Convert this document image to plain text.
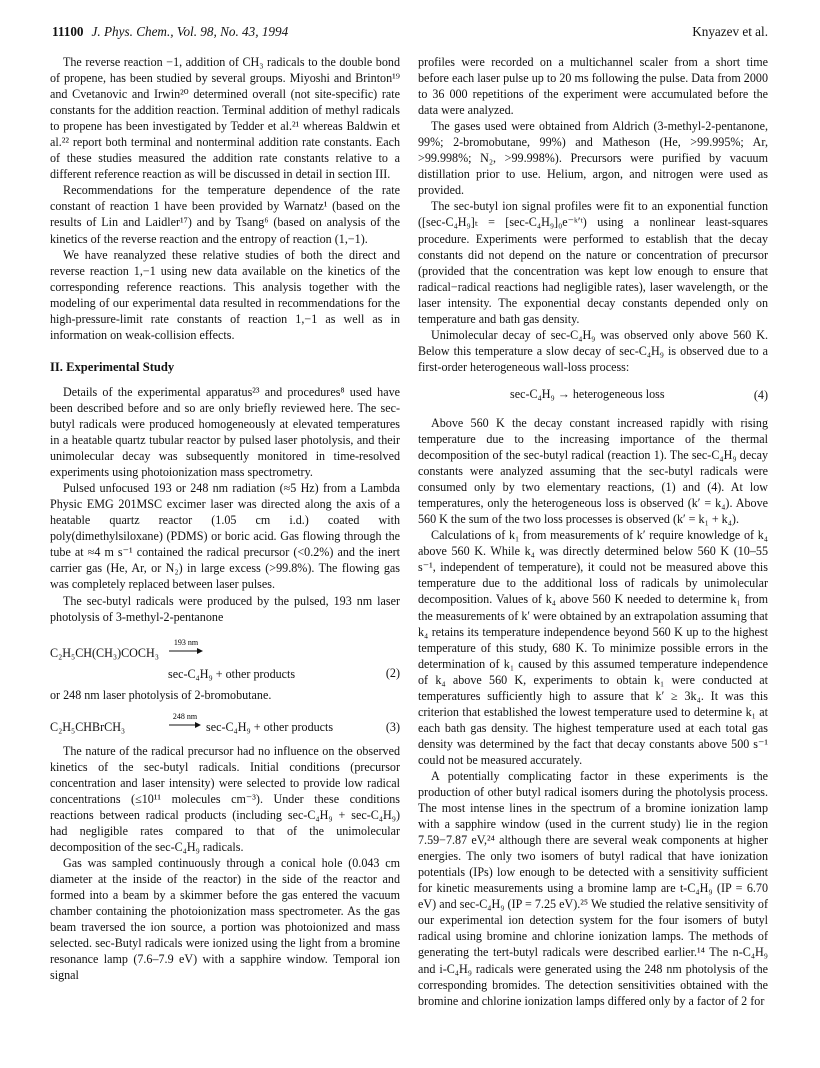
11100 J. Phys. Chem., Vol. 98, No. 43, 1994	Knyazev et al.

The reverse reaction −1, addition of CH₃ radicals to the double bond of propene, has been studied by several groups. Miyoshi and Brinton¹⁹ and Cvetanovic and Irwin²⁰ determined overall (not site-specific) rate constants for the addition reaction. Terminal addition of methyl radicals to propene has been investigated by Tedder et al.²¹ whereas Baldwin et al.²² report both terminal and nonterminal addition rate constants. Each of these studies measured the addition rate constants relative to a different reference reaction as will be discussed in detail in section III.

Recommendations for the temperature dependence of the rate constant of reaction 1 have been provided by Warnatz¹ (based on the results of Lin and Laidler¹⁷) and by Tsang⁶ (based on analysis of the kinetics of the reverse reaction and the entropy of reaction (1,−1).

We have reanalyzed these relative studies of both the direct and reverse reaction 1,−1 using new data available on the kinetics of the corresponding reference reactions. This analysis together with the modeling of our experimental data resulted in recommendations for the high-pressure-limit rate constants of reaction 1,−1 as well as in information on weak-collision effects.

II. Experimental Study

Details of the experimental apparatus²³ and procedures⁸ used have been described before and so are only briefly reviewed here. The sec-butyl radicals were produced homogeneously at elevated temperatures in a heatable quartz tubular reactor by pulsed laser photolysis, and their unimolecular decay was subsequently monitored in time-resolved experiments using photoionization mass spectrometry.

Pulsed unfocused 193 or 248 nm radiation (≈5 Hz) from a Lambda Physic EMG 201MSC excimer laser was directed along the axis of a heatable quartz reactor (1.05 cm i.d.) coated with poly(dimethylsiloxane) (PDMS) or boric acid. Gas flowing through the tube at ≈4 m s⁻¹ contained the radical precursor (<0.2%) and the inert carrier gas (He, Ar, or N₂) in large excess (>99.8%). The flowing gas was completely replaced between laser pulses.

The sec-butyl radicals were produced by the pulsed, 193 nm laser photolysis of 3-methyl-2-pentanone

C₂H₅CH(CH₃)COCH₃
193 nm
sec-C₄H₉ + other products	(2)

or 248 nm laser photolysis of 2-bromobutane.

C₂H₅CHBrCH₃
248 nm
sec-C₄H₉ + other products	(3)

The nature of the radical precursor had no influence on the observed kinetics of the sec-butyl radicals. Initial conditions (precursor concentration and laser intensity) were selected to provide low radical concentrations (≤10¹¹ molecules cm⁻³). Under these conditions reactions between radical products (including sec-C₄H₉ + sec-C₄H₉) had negligible rates compared to that of the unimolecular decomposition of the sec-C₄H₉ radicals.

Gas was sampled continuously through a conical hole (0.043 cm diameter at the inside of the reactor) in the side of the reactor and formed into a beam by a skimmer before the gas entered the vacuum chamber containing the photoionization mass spectrometer. As the gas beam traversed the ion source, a portion was photoionized and mass selected. sec-Butyl radicals were ionized using the light from a bromine resonance lamp (7.6–7.9 eV) with a sapphire window. Temporal ion signal

profiles were recorded on a multichannel scaler from a short time before each laser pulse up to 20 ms following the pulse. Data from 2000 to 36 000 repetitions of the experiment were accumulated before the data were analyzed.

The gases used were obtained from Aldrich (3-methyl-2-pentanone, 99%; 2-bromobutane, 99%) and Matheson (He, >99.995%; Ar, >99.998%; N₂, >99.998%). Precursors were purified by vacuum distillation prior to use. Helium, argon, and nitrogen were used as provided.

The sec-butyl ion signal profiles were fit to an exponential function ([sec-C₄H₉]ₜ = [sec-C₄H₉]₀e⁻ᵏ′ᵗ) using a nonlinear least-squares procedure. Experiments were performed to establish that the decay constants did not depend on the nature or concentration of precursor (provided that the concentration was kept low enough to ensure that radical−radical reactions had negligible rates), laser wavelength, or the laser intensity. The exponential decay constants depended only on temperature and bath gas density.

Unimolecular decay of sec-C₄H₉ was observed only above 560 K. Below this temperature a slow decay of sec-C₄H₉ is observed due to a first-order heterogeneous wall-loss process:

sec-C₄H₉ → heterogeneous loss	(4)

Above 560 K the decay constant increased rapidly with rising temperature due to the increasing importance of the thermal decomposition of the sec-butyl radical (reaction 1). The sec-C₄H₉ decay constants were analyzed assuming that the sec-butyl radicals were consumed only by two elementary reactions, (1) and (4). At low temperatures, only the heterogeneous loss is observed (k′ = k₄). Above 560 K the sum of the two loss processes is observed (k′ = k₁ + k₄).

Calculations of k₁ from measurements of k′ require knowledge of k₄ above 560 K. While k₄ was directly determined below 560 K (10–55 s⁻¹, independent of temperature), it could not be measured above this temperature due to the additional loss of radicals by unimolecular decomposition. Values of k₄ above 560 K needed to determine k₁ from the measurements of k′ were obtained by an extrapolation assuming that k₄ retains its temperature independence beyond 560 K up to the highest temperature of this study, 680 K. To minimize possible errors in the determination of k₁ caused by this assumed temperature independence of k₄ above 560 K, experiments to obtain k₁ were conducted at temperatures sufficiently high to assure that k′ ≥ 3k₄. It was this criterion that established the lowest temperature used to determine k₁ at each bath gas density. The highest temperature used at each total gas density was determined by the fact that decay constants above 500 s⁻¹ could not be measured accurately.

A potentially complicating factor in these experiments is the production of other butyl radical isomers during the photolysis process. The most intense lines in the spectrum of a bromine ionization lamp with a sapphire window (used in the current study) lie in the region 7.59−7.87 eV,²⁴ although there are several weak components at higher energies. The only two isomers of butyl radical that have ionization potentials (IPs) low enough to be detected with a sensitivity sufficient for kinetic measurements using a bromine lamp are t-C₄H₉ (IP = 6.70 eV) and sec-C₄H₉ (IP = 7.25 eV).²⁵ We studied the relative sensitivity of our experimental ion detection system for the four isomers of butyl radical using bromine and chlorine ionization lamps. The methods of generating the tert-butyl radicals were described earlier.¹⁴ The n-C₄H₉ and i-C₄H₉ radicals were generated using the 248 nm photolysis of the corresponding bromides. The detection sensitivities obtained with the bromine and chlorine ionization lamps differed only by a factor of 2 for
